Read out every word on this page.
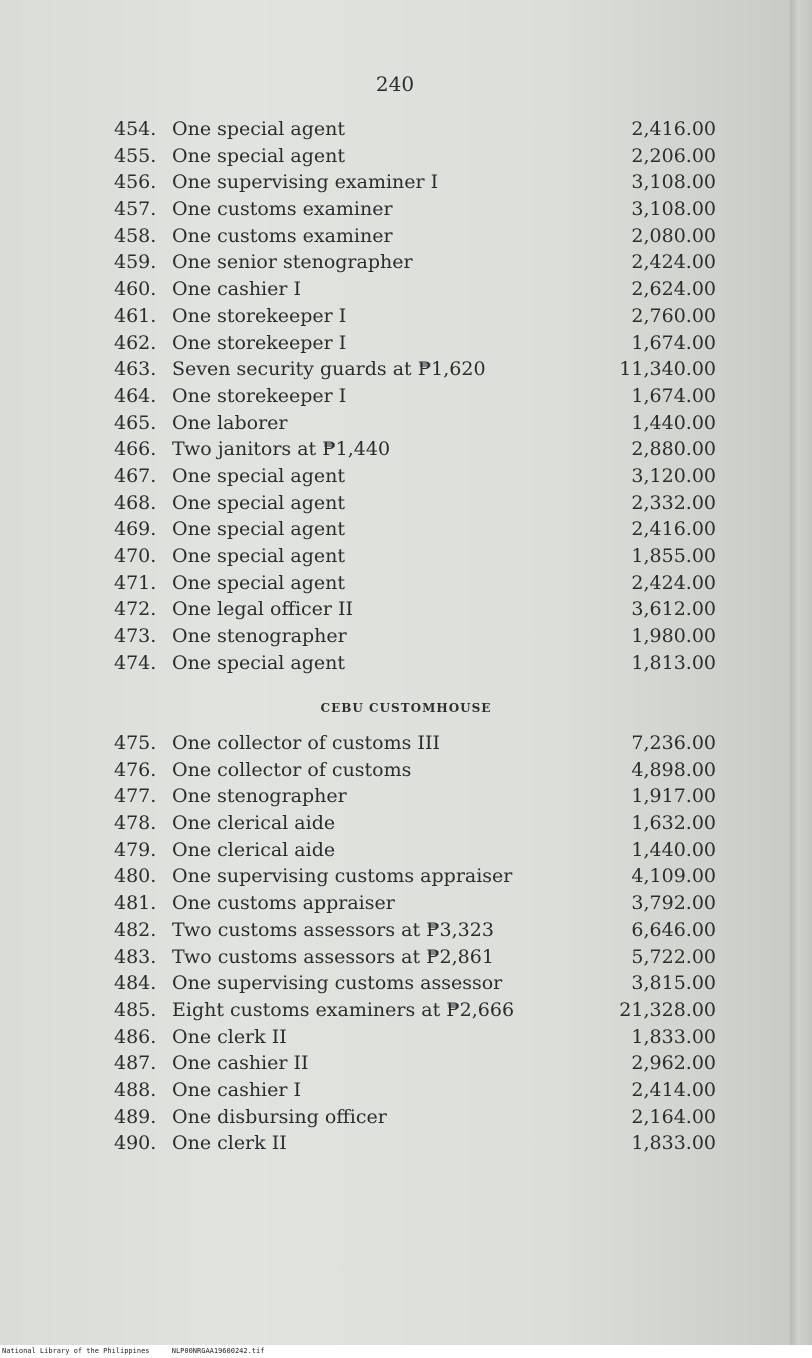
240
454. One special agent .....	2,416.00
455. One special agent .....	2,206.00
456. One supervising examiner I .....	3,108.00
457. One customs examiner .....	3,108.00
458. One customs examiner .....	2,080.00
459. One senior stenographer .....	2,424.00
460. One cashier I .....	2,624.00
461. One storekeeper I .....	2,760.00
462. One storekeeper I .....	1,674.00
463. Seven security guards at ₱1,620 .....	11,340.00
464. One storekeeper I .....	1,674.00
465. One laborer .....	1,440.00
466. Two janitors at ₱1,440 .....	2,880.00
467. One special agent .....	3,120.00
468. One special agent .....	2,332.00
469. One special agent .....	2,416.00
470. One special agent .....	1,855.00
471. One special agent .....	2,424.00
472. One legal officer II .....	3,612.00
473. One stenographer .....	1,980.00
474. One special agent .....	1,813.00
CEBU CUSTOMHOUSE
475. One collector of customs III .....	7,236.00
476. One collector of customs .....	4,898.00
477. One stenographer .....	1,917.00
478. One clerical aide .....	1,632.00
479. One clerical aide .....	1,440.00
480. One supervising customs appraiser .....	4,109.00
481. One customs appraiser .....	3,792.00
482. Two customs assessors at ₱3,323 .....	6,646.00
483. Two customs assessors at ₱2,861 .....	5,722.00
484. One supervising customs assessor .....	3,815.00
485. Eight customs examiners at ₱2,666 .....	21,328.00
486. One clerk II .....	1,833.00
487. One cashier II .....	2,962.00
488. One cashier I .....	2,414.00
489. One disbursing officer .....	2,164.00
490. One clerk II .....	1,833.00
National Library of the Philippines	NLP00NRGAA19600242.tif
